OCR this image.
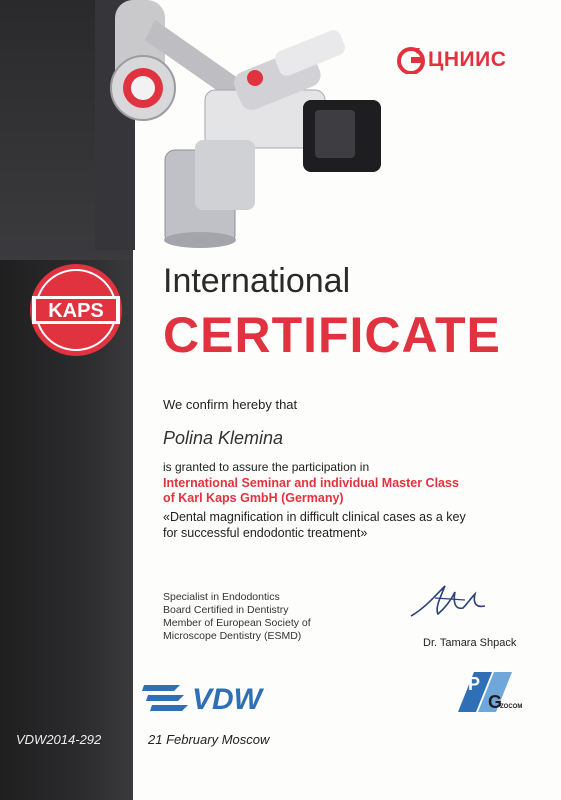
KAPS
ЦНИИС
International
CERTIFICATE
We confirm hereby that
Polina Klemina
is granted to assure the participation in
International Seminar and individual Master Class
of Karl Kaps GmbH (Germany)
«Dental magnification in difficult clinical cases as a key
for successful endodontic treatment»
Specialist in Endodontics
Board Certified in Dentistry
Member of European Society of
Microscope Dentistry (ESMD)
Dr. Tamara Shpack
VDW	P
G
ZOCOM
VDW2014-292	21 February Moscow
